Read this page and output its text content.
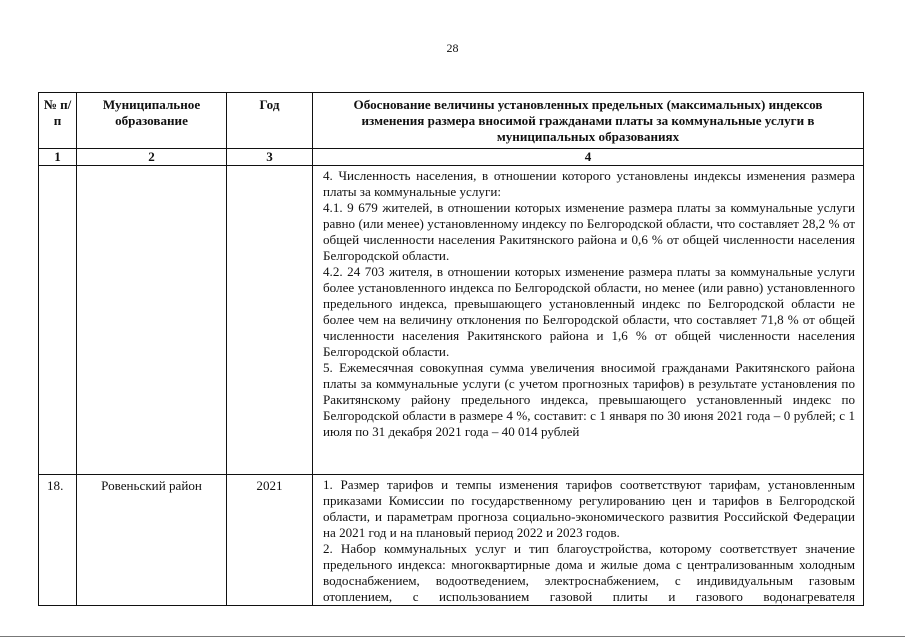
28
№ п/п	Муниципальное образование	Год	Обоснование величины установленных предельных (максимальных) индексов изменения размера вносимой гражданами платы за коммунальные услуги в муниципальных образованиях
1	2	3	4

			4. Численность населения, в отношении которого установлены индексы изменения размера платы за коммунальные услуги:

4.1. 9 679 жителей, в отношении которых изменение размера платы за коммунальные услуги равно (или менее) установленному индексу по Белгородской области, что составляет 28,2 % от общей численности населения Ракитянского района и 0,6 % от общей численности населения Белгородской области.

4.2. 24 703 жителя, в отношении которых изменение размера платы за коммунальные услуги более установленного индекса по Белгородской области, но менее (или равно) установленного предельного индекса, превышающего установленный индекс по Белгородской области не более чем на величину отклонения по Белгородской области, что составляет 71,8 % от общей численности населения Ракитянского района и 1,6 % от общей численности населения Белгородской области.

5. Ежемесячная совокупная сумма увеличения вносимой гражданами Ракитянского района платы за коммунальные услуги (с учетом прогнозных тарифов) в результате установления по Ракитянскому району предельного индекса, превышающего установленный индекс по Белгородской области в размере 4 %, составит: с 1 января по 30 июня 2021 года – 0 рублей; с 1 июля по 31 декабря 2021 года – 40 014 рублей

18.	Ровеньский район	2021	1. Размер тарифов и темпы изменения тарифов соответствуют тарифам, установленным приказами Комиссии по государственному регулированию цен и тарифов в Белгородской области, и параметрам прогноза социально-экономического развития Российской Федерации на 2021 год и на плановый период 2022 и 2023 годов.

2. Набор коммунальных услуг и тип благоустройства, которому соответствует значение предельного индекса: многоквартирные дома и жилые дома с централизованным холодным водоснабжением, водоотведением, электроснабжением, с индивидуальным газовым отоплением, с использованием газовой плиты и газового водонагревателя
